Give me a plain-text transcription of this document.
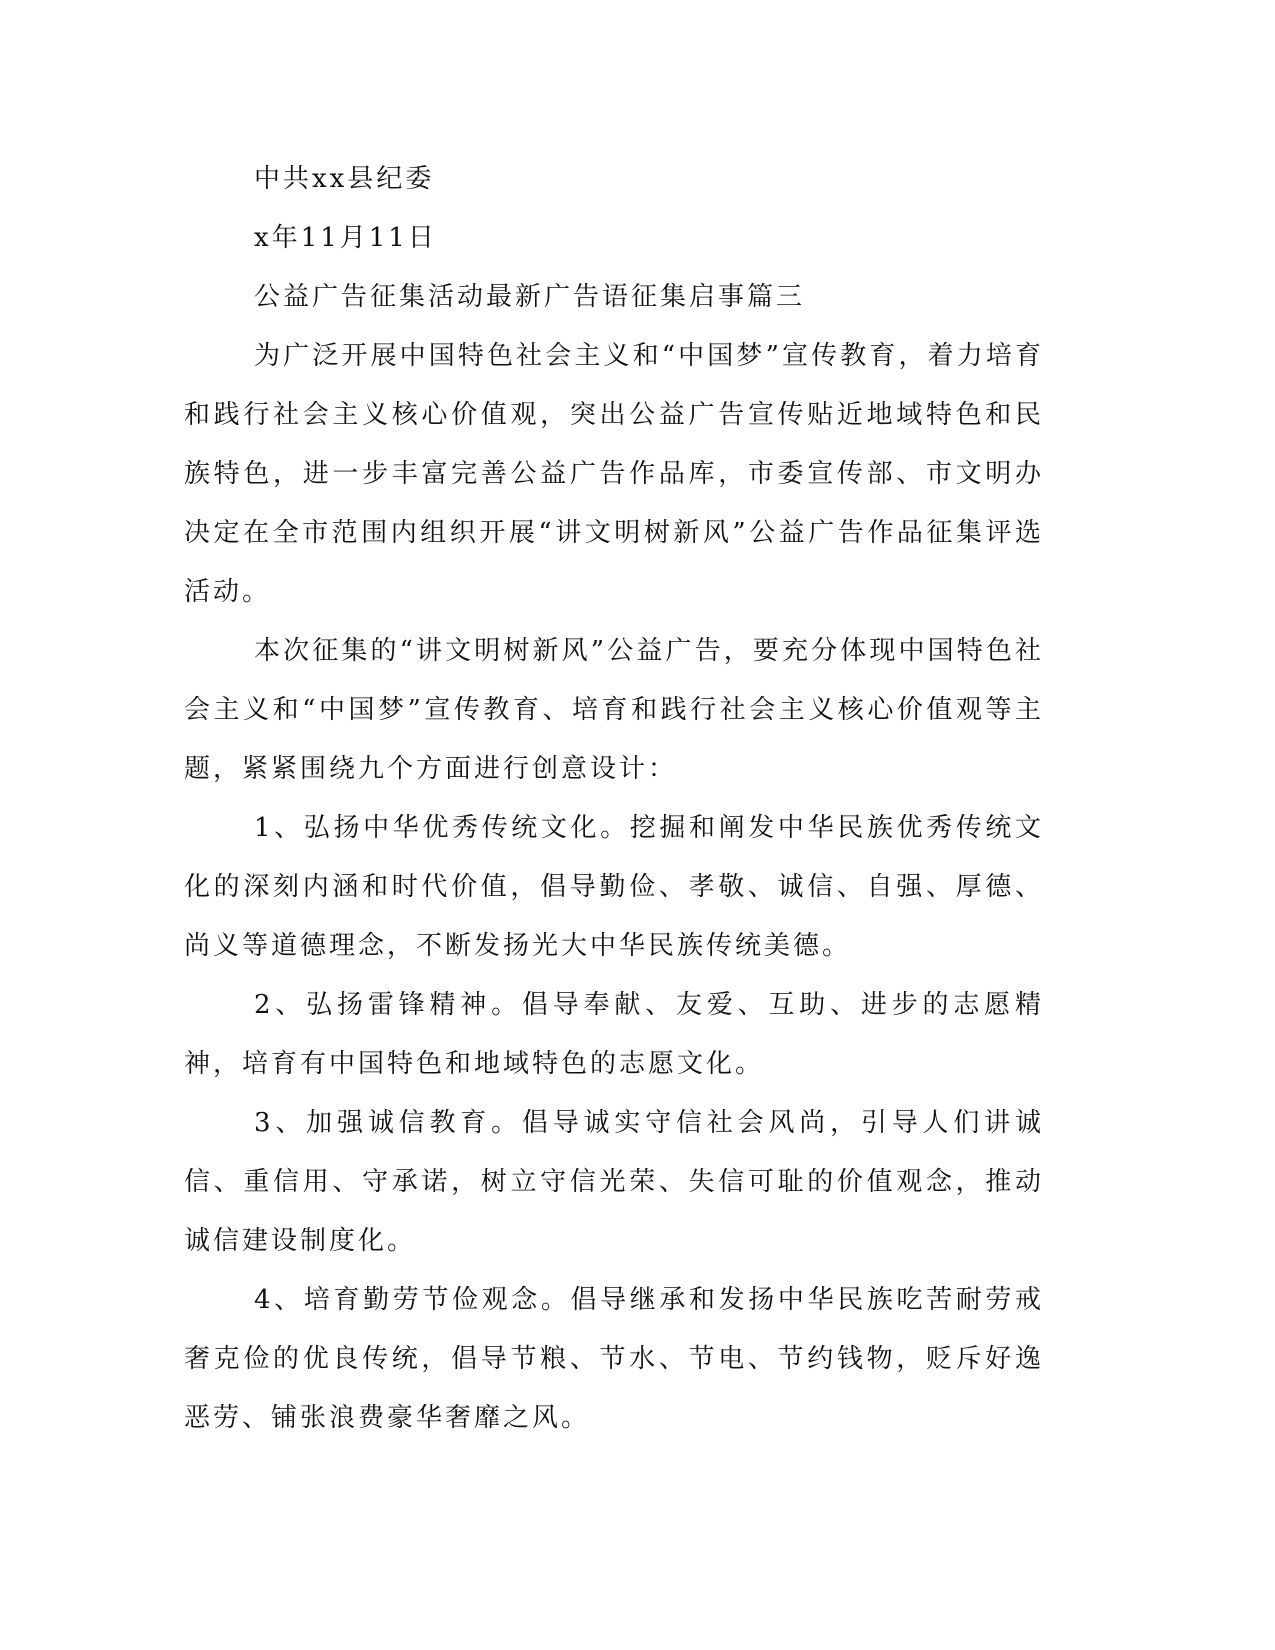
中共xx县纪委

x年11月11日

公益广告征集活动最新广告语征集启事篇三

为广泛开展中国特色社会主义和“中国梦”宣传教育，着力培育和践行社会主义核心价值观，突出公益广告宣传贴近地域特色和民族特色，进一步丰富完善公益广告作品库，市委宣传部、市文明办决定在全市范围内组织开展“讲文明树新风”公益广告作品征集评选活动。

本次征集的“讲文明树新风”公益广告，要充分体现中国特色社会主义和“中国梦”宣传教育、培育和践行社会主义核心价值观等主题，紧紧围绕九个方面进行创意设计：

1、弘扬中华优秀传统文化。挖掘和阐发中华民族优秀传统文化的深刻内涵和时代价值，倡导勤俭、孝敬、诚信、自强、厚德、尚义等道德理念，不断发扬光大中华民族传统美德。

2、弘扬雷锋精神。倡导奉献、友爱、互助、进步的志愿精神，培育有中国特色和地域特色的志愿文化。

3、加强诚信教育。倡导诚实守信社会风尚，引导人们讲诚信、重信用、守承诺，树立守信光荣、失信可耻的价值观念，推动诚信建设制度化。

4、培育勤劳节俭观念。倡导继承和发扬中华民族吃苦耐劳戒奢克俭的优良传统，倡导节粮、节水、节电、节约钱物，贬斥好逸恶劳、铺张浪费豪华奢靡之风。
